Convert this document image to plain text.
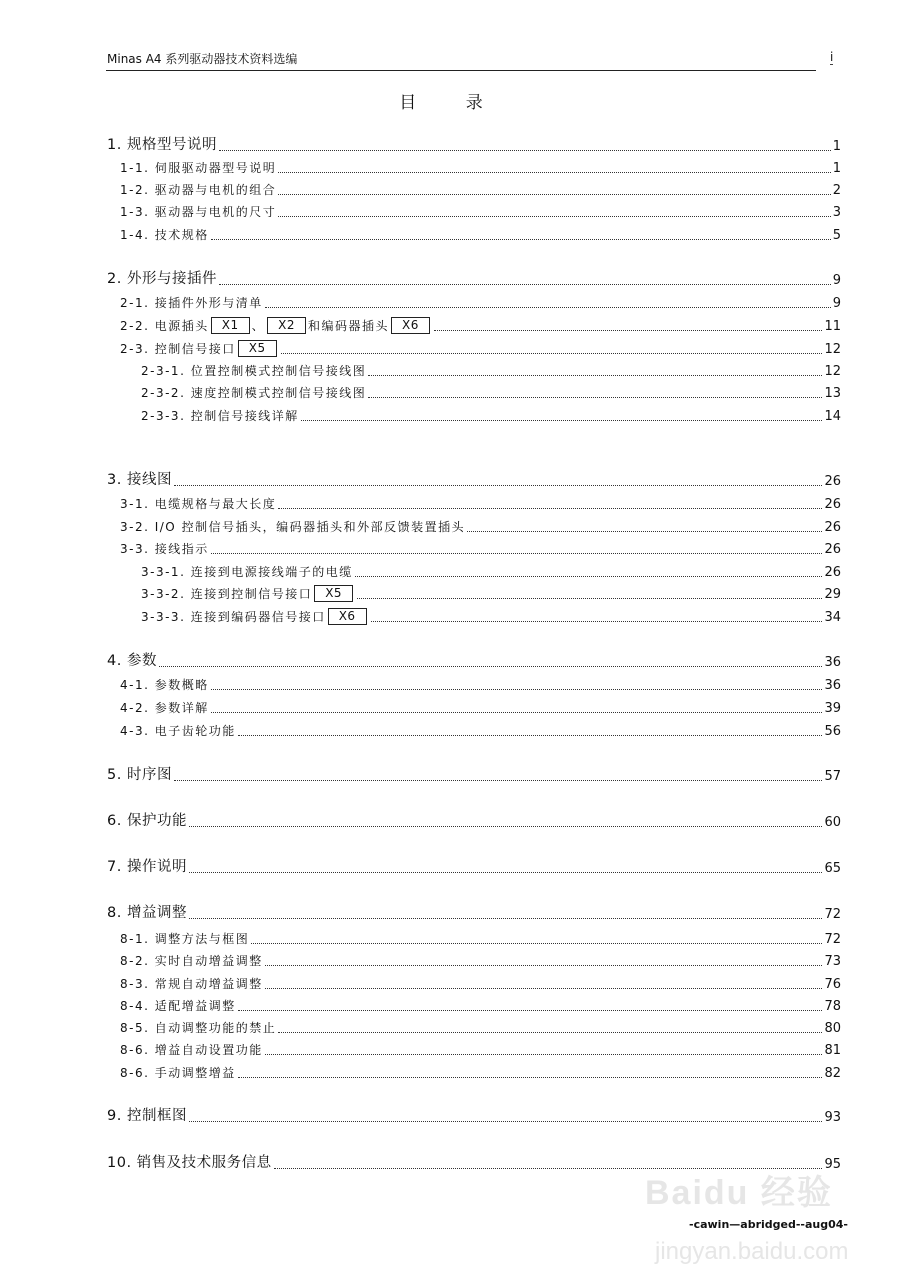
Minas A4 系列驱动器技术资料选编	i
目 录
1. 规格型号说明	1
1-1. 伺服驱动器型号说明	1
1-2. 驱动器与电机的组合	2
1-3. 驱动器与电机的尺寸	3
1-4. 技术规格	5
2. 外形与接插件	9
2-1. 接插件外形与清单	9
2-2. 电源插头	X1	、	X2	和编码器插头	X6	11
2-3. 控制信号接口	X5	12
2-3-1. 位置控制模式控制信号接线图	12
2-3-2. 速度控制模式控制信号接线图	13
2-3-3. 控制信号接线详解	14
3. 接线图	26
3-1. 电缆规格与最大长度	26
3-2. I/O 控制信号插头，编码器插头和外部反馈装置插头	26
3-3. 接线指示	26
3-3-1. 连接到电源接线端子的电缆	26
3-3-2. 连接到控制信号接口	X5	29
3-3-3. 连接到编码器信号接口	X6	34
4. 参数	36
4-1. 参数概略	36
4-2. 参数详解	39
4-3. 电子齿轮功能	56
5. 时序图	57
6. 保护功能	60
7. 操作说明	65
8. 增益调整	72
8-1. 调整方法与框图	72
8-2. 实时自动增益调整	73
8-3. 常规自动增益调整	76
8-4. 适配增益调整	78
8-5. 自动调整功能的禁止	80
8-6. 增益自动设置功能	81
8-6. 手动调整增益	82
9. 控制框图	93
10. 销售及技术服务信息	95
Baidu 经验
-cawin—abridged--aug04-
jingyan.baidu.com
